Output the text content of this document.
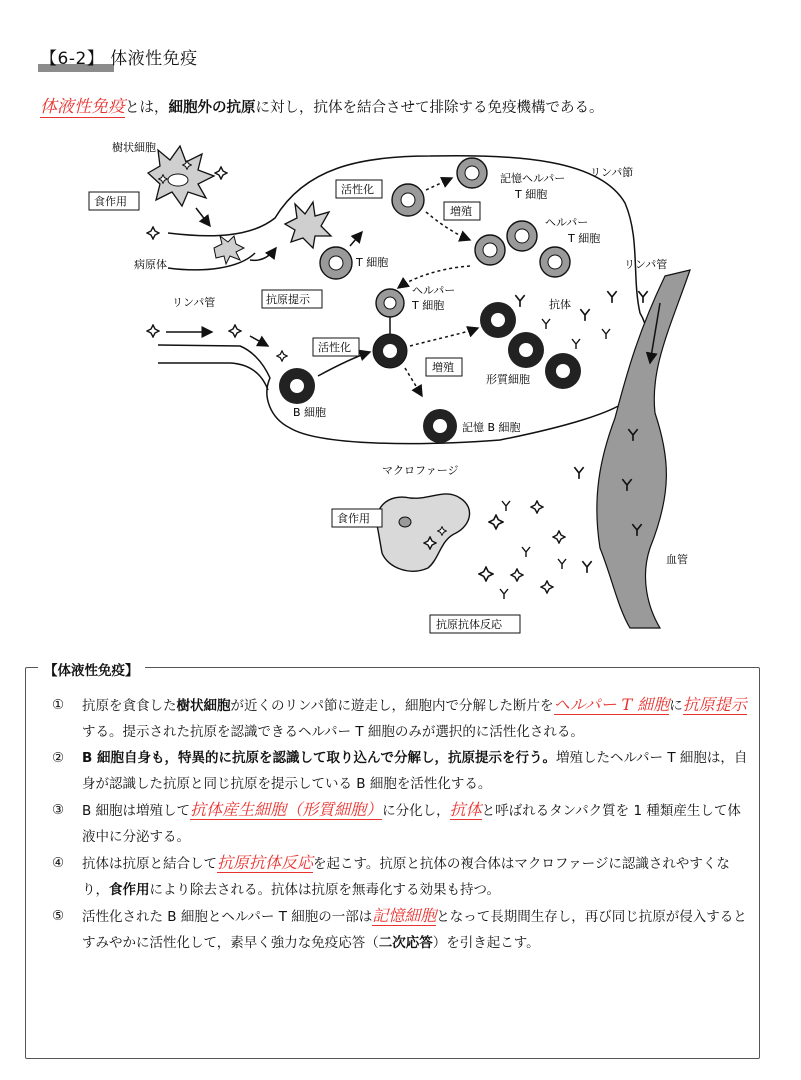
【6-2】 体液性免疫
体液性免疫とは，細胞外の抗原に対し，抗体を結合させて排除する免疫機構である。
樹状細胞
食作用
病原体
リンパ管	抗原提示
活性化
T 細胞
記憶ヘルパー
T 細胞
リンパ節
増殖
ヘルパー
T 細胞
リンパ管
ヘルパー
T 細胞	抗体
活性化
増殖
形質細胞
B 細胞
記憶 B 細胞
マクロファージ
食作用
血管
抗原抗体反応
【体液性免疫】
①	抗原を貪食した樹状細胞が近くのリンパ節に遊走し，細胞内で分解した断片をヘルパー T 細胞に抗原提示する。提示された抗原を認識できるヘルパー T 細胞のみが選択的に活性化される。
②	B 細胞自身も，特異的に抗原を認識して取り込んで分解し，抗原提示を行う。増殖したヘルパー T 細胞は，自身が認識した抗原と同じ抗原を提示している B 細胞を活性化する。
③	B 細胞は増殖して抗体産生細胞（形質細胞）に分化し，抗体と呼ばれるタンパク質を 1 種類産生して体液中に分泌する。
④	抗体は抗原と結合して抗原抗体反応を起こす。抗原と抗体の複合体はマクロファージに認識されやすくなり，食作用により除去される。抗体は抗原を無毒化する効果も持つ。
⑤	活性化された B 細胞とヘルパー T 細胞の一部は記憶細胞となって長期間生存し，再び同じ抗原が侵入するとすみやかに活性化して，素早く強力な免疫応答（二次応答）を引き起こす。
